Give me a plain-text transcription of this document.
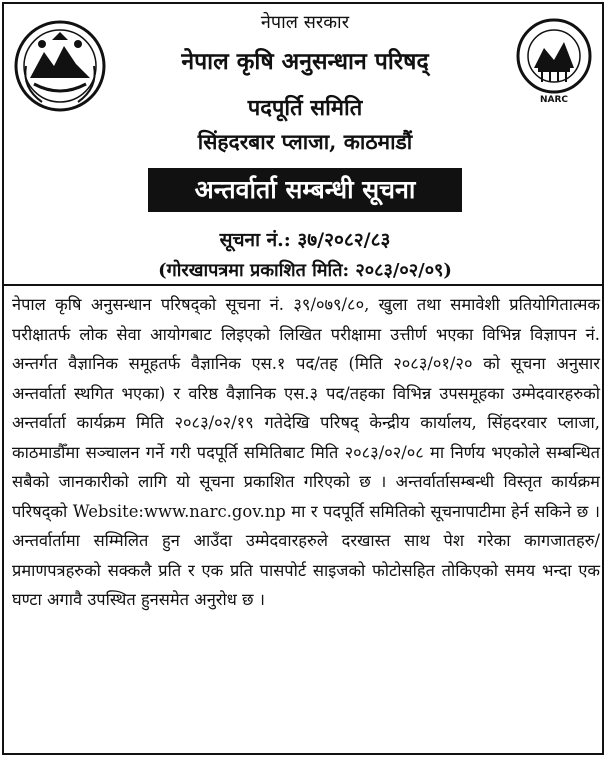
NARC
नेपाल सरकार
नेपाल कृषि अनुसन्धान परिषद्
पदपूर्ति समिति
सिंहदरबार प्लाजा, काठमाडौं
अन्तर्वार्ता सम्बन्धी सूचना
सूचना नं.: ३७/२०८२/८३
(गोरखापत्रमा प्रकाशित मिति: २०८३/०२/०९)
नेपाल कृषि अनुसन्धान परिषद्को सूचना नं. ३९/०७९/८०, खुला तथा समावेशी प्रतियोगितात्मक परीक्षातर्फ लोक सेवा आयोगबाट लिइएको लिखित परीक्षामा उत्तीर्ण भएका विभिन्न विज्ञापन नं. अन्तर्गत वैज्ञानिक समूहतर्फ वैज्ञानिक एस.१ पद/तह (मिति २०८३/०१/२० को सूचना अनुसार अन्तर्वार्ता स्थगित भएका) र वरिष्ठ वैज्ञानिक एस.३ पद/तहका विभिन्न उपसमूहका उम्मेदवारहरुको अन्तर्वार्ता कार्यक्रम मिति २०८३/०२/१९ गतेदेखि परिषद् केन्द्रीय कार्यालय, सिंहदरवार प्लाजा, काठमाडौँमा सञ्चालन गर्ने गरी पदपूर्ति समितिबाट मिति २०८३/०२/०८ मा निर्णय भएकोले सम्बन्धित सबैको जानकारीको लागि यो सूचना प्रकाशित गरिएको छ । अन्तर्वार्तासम्बन्धी विस्तृत कार्यक्रम परिषद्को Website:www.narc.gov.np मा र पदपूर्ति समितिको सूचनापाटीमा हेर्न सकिने छ । अन्तर्वार्तामा सम्मिलित हुन आउँदा उम्मेदवारहरुले दरखास्त साथ पेश गरेका कागजातहरु/प्रमाणपत्रहरुको सक्कलै प्रति र एक प्रति पासपोर्ट साइजको फोटोसहित तोकिएको समय भन्दा एक घण्टा अगावै उपस्थित हुनसमेत अनुरोध छ ।
